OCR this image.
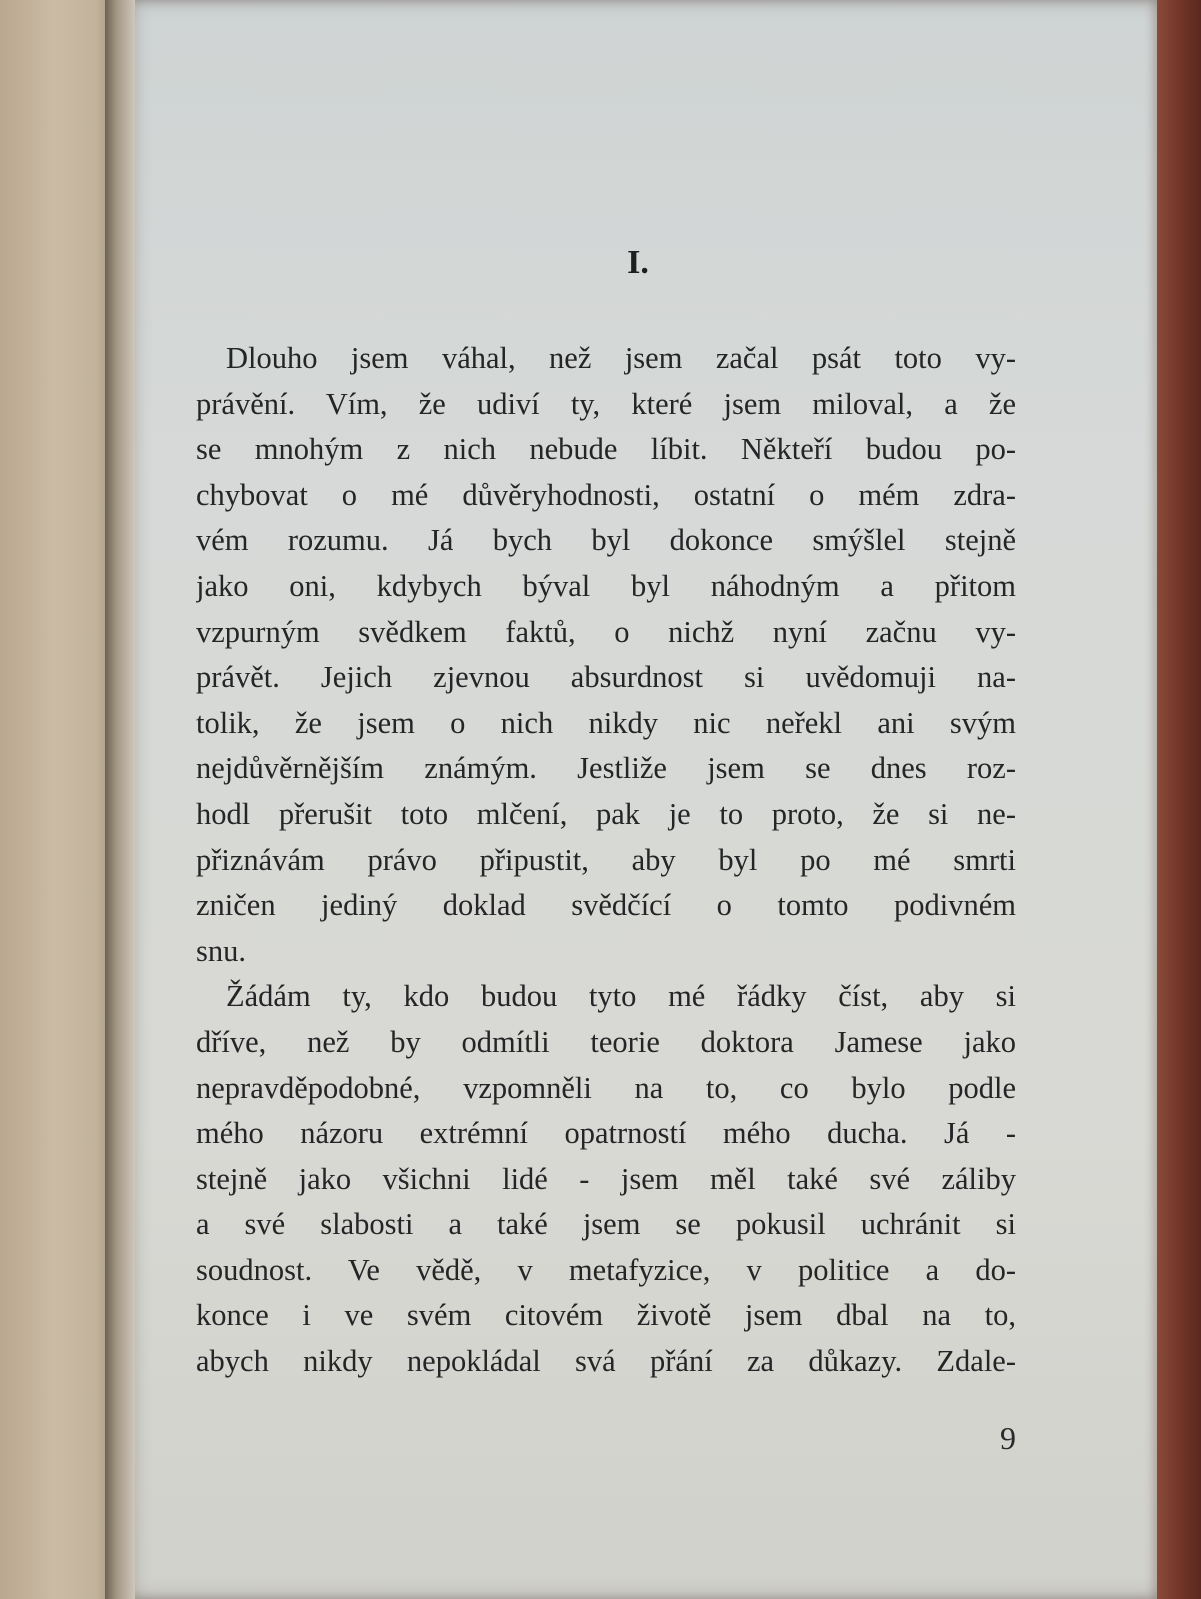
I.
Dlouho jsem váhal, než jsem začal psát toto vy-
právění. Vím, že udiví ty, které jsem miloval, a že
se mnohým z nich nebude líbit. Někteří budou po-
chybovat o mé důvěryhodnosti, ostatní o mém zdra-
vém rozumu. Já bych byl dokonce smýšlel stejně
jako oni, kdybych býval byl náhodným a přitom
vzpurným svědkem faktů, o nichž nyní začnu vy-
právět. Jejich zjevnou absurdnost si uvědomuji na-
tolik, že jsem o nich nikdy nic neřekl ani svým
nejdůvěrnějším známým. Jestliže jsem se dnes roz-
hodl přerušit toto mlčení, pak je to proto, že si ne-
přiznávám právo připustit, aby byl po mé smrti
zničen jediný doklad svědčící o tomto podivném
snu.
Žádám ty, kdo budou tyto mé řádky číst, aby si
dříve, než by odmítli teorie doktora Jamese jako
nepravděpodobné, vzpomněli na to, co bylo podle
mého názoru extrémní opatrností mého ducha. Já -
stejně jako všichni lidé - jsem měl také své záliby
a své slabosti a také jsem se pokusil uchránit si
soudnost. Ve vědě, v metafyzice, v politice a do-
konce i ve svém citovém životě jsem dbal na to,
abych nikdy nepokládal svá přání za důkazy. Zdale-
9
